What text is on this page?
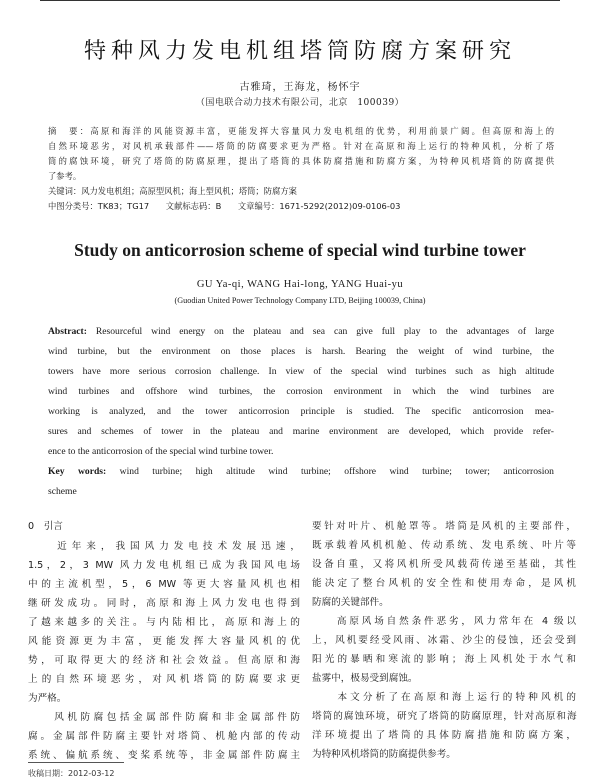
特种风力发电机组塔筒防腐方案研究
古雅琦，王海龙，杨怀宇
（国电联合动力技术有限公司，北京　100039）
摘　要：高原和海洋的风能资源丰富，更能发挥大容量风力发电机组的优势，利用前景广阔。但高原和海上的
自然环境恶劣，对风机承载部件——塔筒的防腐要求更为严格。针对在高原和海上运行的特种风机，分析了塔
筒的腐蚀环境，研究了塔筒的防腐原理，提出了塔筒的具体防腐措施和防腐方案，为特种风机塔筒的防腐提供
了参考。
关键词：风力发电机组；高原型风机；海上型风机；塔筒；防腐方案
中图分类号：TK83；TG17　　文献标志码：B　　文章编号：1671-5292(2012)09-0106-03
Study on anticorrosion scheme of special wind turbine tower
GU Ya-qi, WANG Hai-long, YANG Huai-yu
(Guodian United Power Technology Company LTD, Beijing 100039, China)
Abstract: Resourceful wind energy on the plateau and sea can give full play to the advantages of large
wind turbine, but the environment on those places is harsh. Bearing the weight of wind turbine, the
towers have more serious corrosion challenge. In view of the special wind turbines such as high altitude
wind turbines and offshore wind turbines, the corrosion environment in which the wind turbines are
working is analyzed, and the tower anticorrosion principle is studied. The specific anticorrosion mea-
sures and schemes of tower in the plateau and marine environment are developed, which provide refer-
ence to the anticorrosion of the special wind turbine tower.
Key words: wind turbine; high altitude wind turbine; offshore wind turbine; tower; anticorrosion
scheme
0　引言
　　近年来，我国风力发电技术发展迅速，
1.5，2，3 MW 风力发电机组已成为我国风电场
中的主流机型，5，6 MW 等更大容量风机也相
继研发成功。同时，高原和海上风力发电也得到
了越来越多的关注。与内陆相比，高原和海上的
风能资源更为丰富，更能发挥大容量风机的优
势，可取得更大的经济和社会效益。但高原和海
上的自然环境恶劣，对风机塔筒的防腐要求更
为严格。
　　风机防腐包括金属部件防腐和非金属部件防
腐。金属部件防腐主要针对塔筒、机舱内部的传动
系统、偏航系统、变桨系统等，非金属部件防腐主
要针对叶片、机舱罩等。塔筒是风机的主要部件，
既承载着风机机舱、传动系统、发电系统、叶片等
设备自重，又将风机所受风载荷传递至基础，其性
能决定了整台风机的安全性和使用寿命，是风机
防腐的关键部件。
　　高原风场自然条件恶劣，风力常年在 4 级以
上，风机要经受风雨、冰霜、沙尘的侵蚀，还会受到
阳光的暴晒和寒流的影响；海上风机处于水气和
盐雾中，极易受到腐蚀。
　　本文分析了在高原和海上运行的特种风机的
塔筒的腐蚀环境，研究了塔筒的防腐原理，针对高原和海
洋环境提出了塔筒的具体防腐措施和防腐方案，
为特种风机塔筒的防腐提供参考。
收稿日期：2012-03-12
